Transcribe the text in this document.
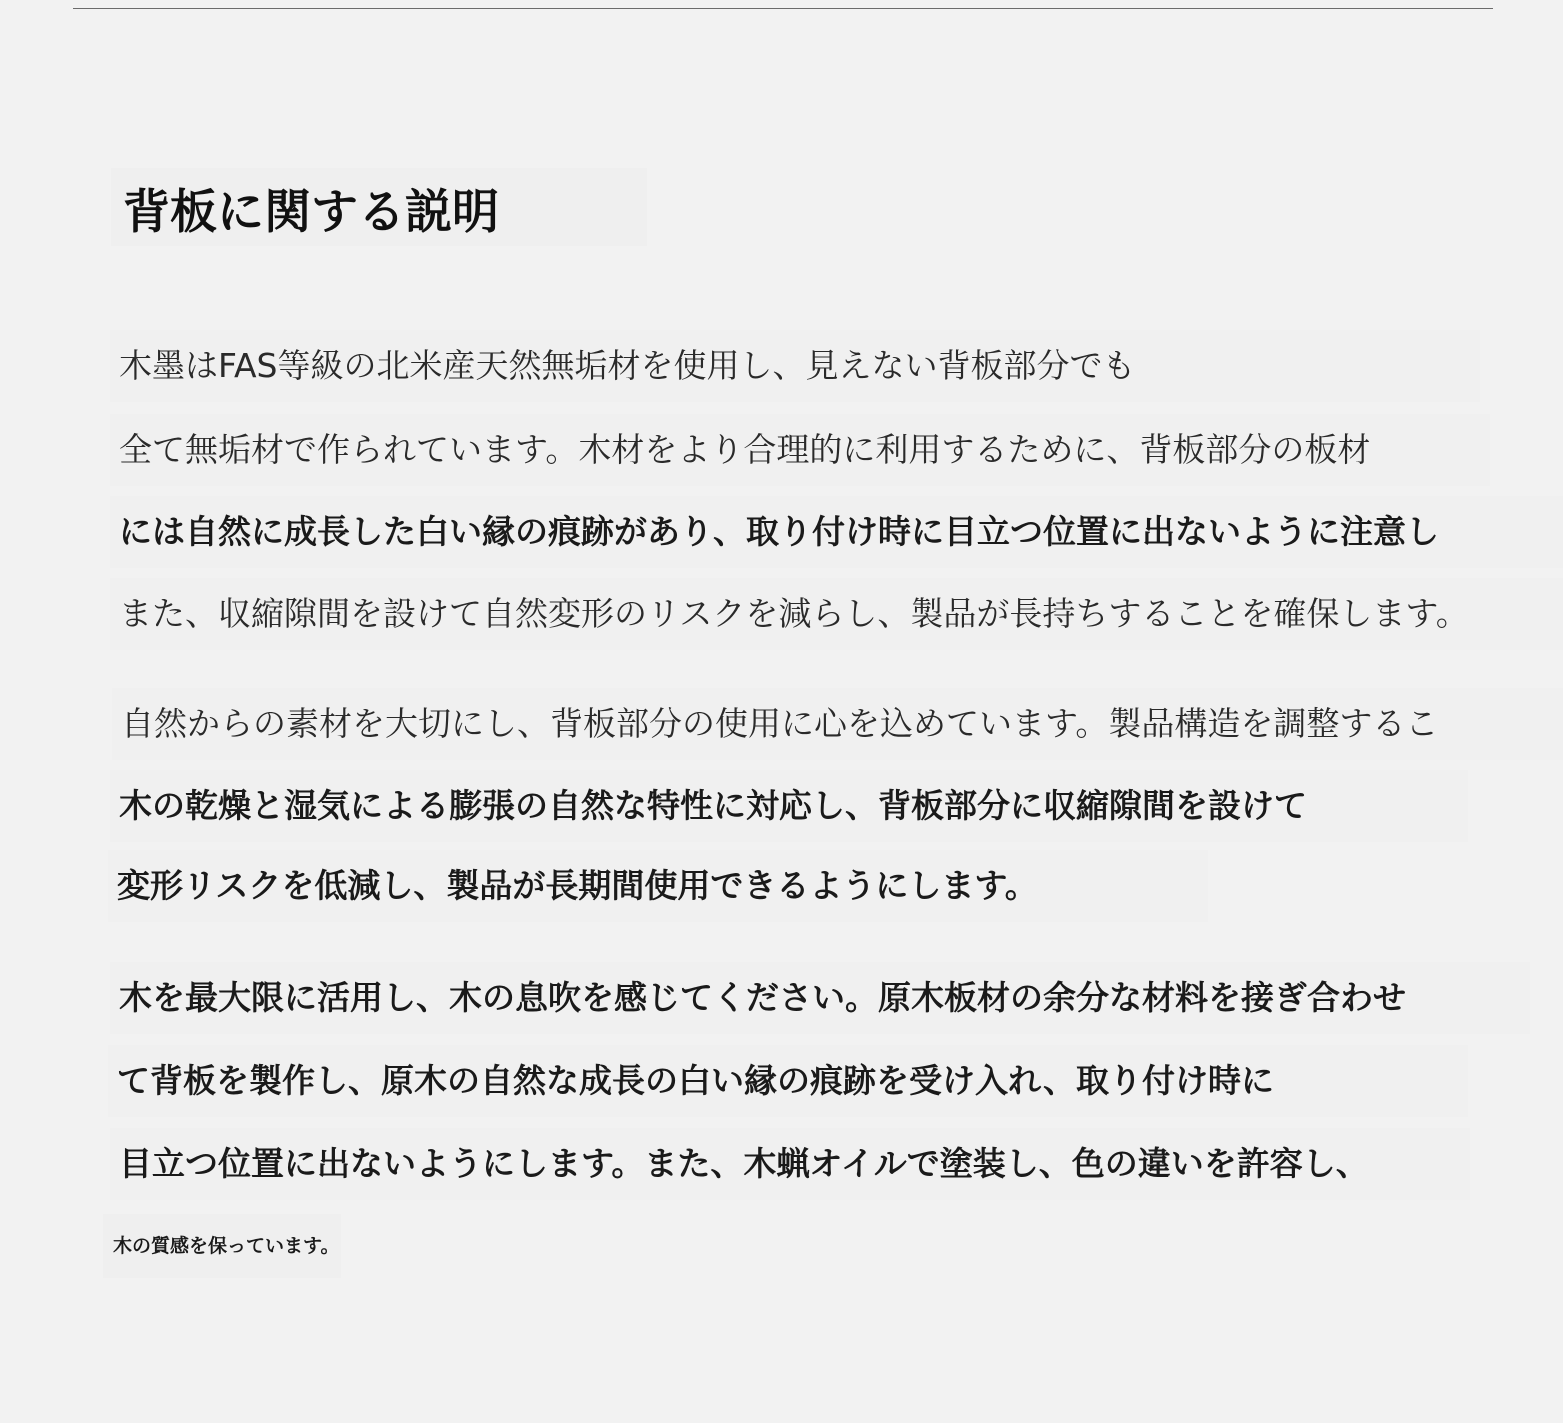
背板に関する説明
木墨はFAS等級の北米産天然無垢材を使用し、見えない背板部分でも
全て無垢材で作られています。木材をより合理的に利用するために、背板部分の板材
には自然に成長した白い縁の痕跡があり、取り付け時に目立つ位置に出ないように注意し
また、収縮隙間を設けて自然変形のリスクを減らし、製品が長持ちすることを確保します。
自然からの素材を大切にし、背板部分の使用に心を込めています。製品構造を調整するこ
木の乾燥と湿気による膨張の自然な特性に対応し、背板部分に収縮隙間を設けて
変形リスクを低減し、製品が長期間使用できるようにします。
木を最大限に活用し、木の息吹を感じてください。原木板材の余分な材料を接ぎ合わせ
て背板を製作し、原木の自然な成長の白い縁の痕跡を受け入れ、取り付け時に
目立つ位置に出ないようにします。また、木蝋オイルで塗装し、色の違いを許容し、
木の質感を保っています。
